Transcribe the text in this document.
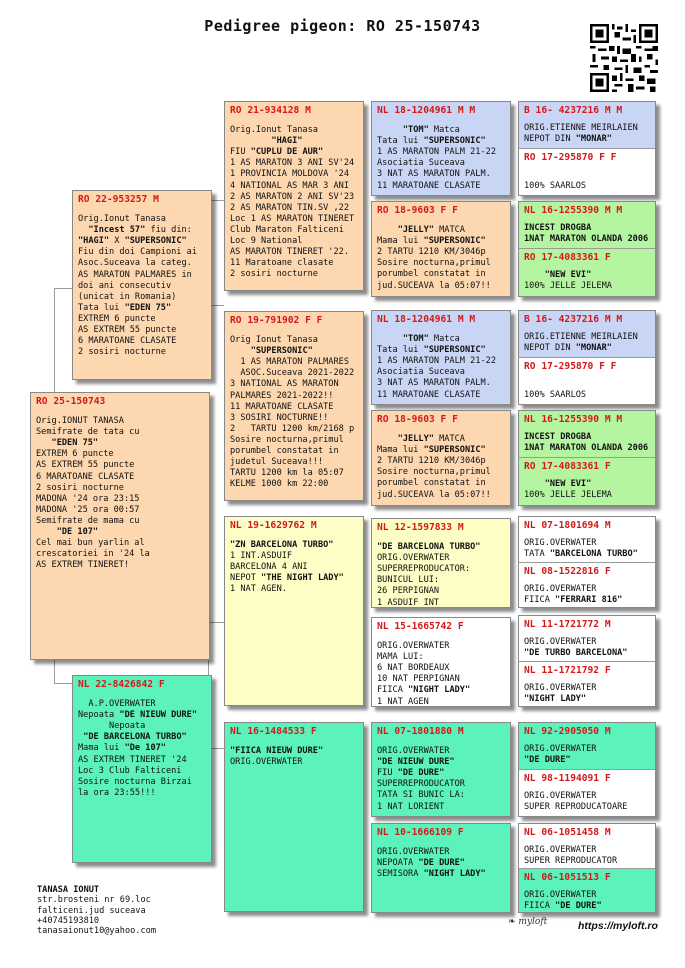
Pedigree pigeon: RO 25-150743
RO 25-150743
Orig.IONUT TANASA
Semifrate de tata cu
"EDEN 75"
EXTREM 6 puncte
AS EXTREM 55 puncte
6 MARATOANE CLASATE
2 sosiri nocturne
MADONA '24 ora 23:15
MADONA '25 ora 00:57
Semifrate de mama cu
"DE 107"
Cel mai bun yarlin al
crescatoriei in '24 la
AS EXTREM TINERET!
RO 22-953257 M
Orig.Ionut Tanasa
"Incest 57" fiu din:
"HAGI" X "SUPERSONIC"
Fiu din doi Campioni ai
Asoc.Suceava la categ.
AS MARATON PALMARES in
doi ani consecutiv
(unicat in Romania)
Tata lui "EDEN 75"
EXTREM 6 puncte
AS EXTREM 55 puncte
6 MARATOANE CLASATE
2 sosiri nocturne
NL 22-8426842 F
A.P.OVERWATER
Nepoata "DE NIEUW DURE"
Nepoata
"DE BARCELONA TURBO"
Mama lui "De 107"
AS EXTREM TINERET '24
Loc 3 Club Falticeni
Sosire nocturna Birzai
la ora 23:55!!!
RO 21-934128 M
Orig.Ionut Tanasa
"HAGI"
FIU "CUPLU DE AUR"
1 AS MARATON 3 ANI SV'24
1 PROVINCIA MOLDOVA '24
4 NATIONAL AS MAR 3 ANI
2 AS MARATON 2 ANI SV'23
2 AS MARATON TIN.SV ,22
Loc 1 AS MARATON TINERET
Club Maraton Falticeni
Loc 9 National
AS MARATON TINERET '22.
11 Maratoane clasate
2 sosiri nocturne
RO 19-791902 F F
Orig Ionut Tanasa
"SUPERSONIC"
1 AS MARATON PALMARES
ASOC.Suceava 2021-2022
3 NATIONAL AS MARATON
PALMARES 2021-2022!!
11 MARATOANE CLASATE
3 SOSIRI NOCTURNE!!
2   TARTU 1200 km/2168 p
Sosire nocturna,primul
porumbel constatat in
judetul Suceava!!!
TARTU 1200 km la 05:07
KELME 1000 km 22:00
NL 19-1629762 M
"ZN BARCELONA TURBO"
1 INT.ASDUIF
BARCELONA 4 ANI
NEPOT "THE NIGHT LADY"
1 NAT AGEN.
NL 16-1484533 F
"FIICA NIEUW DURE"
ORIG.OVERWATER
NL 18-1204961 M M
"TOM" Matca
Tata lui "SUPERSONIC"
1 AS MARATON PALM 21-22
Asociatia Suceava
3 NAT AS MARATON PALM.
11 MARATOANE CLASATE
RO 18-9603 F F
"JELLY" MATCA
Mama lui "SUPERSONIC"
2 TARTU 1210 KM/3046p
Sosire nocturna,primul
porumbel constatat in
jud.SUCEAVA la 05:07!!
NL 18-1204961 M M
"TOM" Matca
Tata lui "SUPERSONIC"
1 AS MARATON PALM 21-22
Asociatia Suceava
3 NAT AS MARATON PALM.
11 MARATOANE CLASATE
RO 18-9603 F F
"JELLY" MATCA
Mama lui "SUPERSONIC"
2 TARTU 1210 KM/3046p
Sosire nocturna,primul
porumbel constatat in
jud.SUCEAVA la 05:07!!
NL 12-1597833 M
"DE BARCELONA TURBO"
ORIG.OVERWATER
SUPERREPRODUCATOR:
BUNICUL LUI:
26 PERPIGNAN
1 ASDUIF INT
NL 15-1665742 F
ORIG.OVERWATER
MAMA LUI:
6 NAT BORDEAUX
10 NAT PERPIGNAN
FIICA "NIGHT LADY"
1 NAT AGEN
NL 07-1801880 M
ORIG.OVERWATER
"DE NIEUW DURE"
FIU "DE DURE"
SUPERREPRODUCATOR
TATA SI BUNIC LA:
1 NAT LORIENT
NL 10-1666109 F
ORIG.OVERWATER
NEPOATA "DE DURE"
SEMISORA "NIGHT LADY"
B 16- 4237216 M M
ORIG.ETIENNE MEIRLAIEN
NEPOT DIN "MONAR"
RO 17-295870 F F

100% SAARLOS
NL 16-1255390 M M
INCEST DROGBA
1NAT MARATON OLANDA 2006
RO 17-4083361 F
"NEW EVI"
100% JELLE JELEMA
B 16- 4237216 M M
ORIG.ETIENNE MEIRLAIEN
NEPOT DIN "MONAR"
RO 17-295870 F F

100% SAARLOS
NL 16-1255390 M M
INCEST DROGBA
1NAT MARATON OLANDA 2006
RO 17-4083361 F
"NEW EVI"
100% JELLE JELEMA
NL 07-1801694 M
ORIG.OVERWATER
TATA "BARCELONA TURBO"
NL 08-1522816 F
ORIG.OVERWATER
FIICA "FERRARI 816"
NL 11-1721772 M
ORIG.OVERWATER
"DE TURBO BARCELONA"
NL 11-1721792 F
ORIG.OVERWATER
"NIGHT LADY"
NL 92-2905050 M
ORIG.OVERWATER
"DE DURE"
NL 98-1194091 F
ORIG.OVERWATER
SUPER REPRODUCATOARE
NL 06-1051458 M
ORIG.OVERWATER
SUPER REPRODUCATOR
NL 06-1051513 F
ORIG.OVERWATER
FIICA "DE DURE"
TANASA IONUT
str.brosteni nr 69.loc
falticeni.jud suceava
+40745193810
tanasaionut10@yahoo.com
❧ myloft	https://myloft.ro
